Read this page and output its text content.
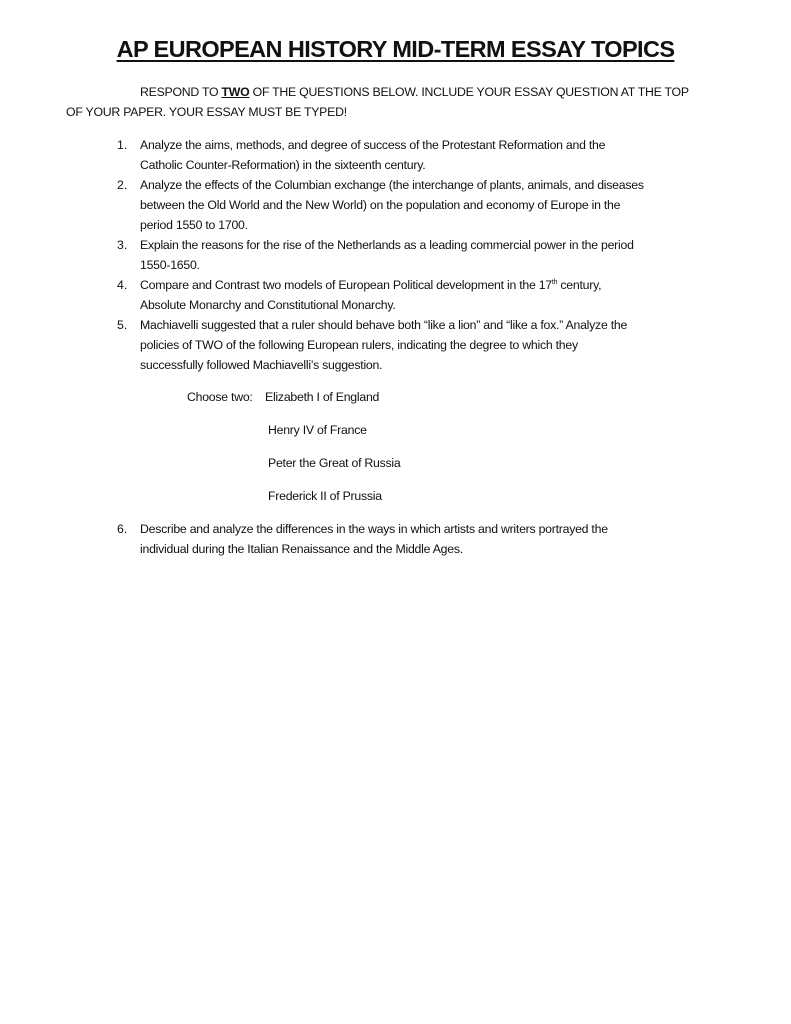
AP EUROPEAN HISTORY MID-TERM ESSAY TOPICS
RESPOND TO TWO OF THE QUESTIONS BELOW. INCLUDE YOUR ESSAY QUESTION AT THE TOP
OF YOUR PAPER. YOUR ESSAY MUST BE TYPED!
1. Analyze the aims, methods, and degree of success of the Protestant Reformation and the
Catholic Counter-Reformation) in the sixteenth century.
2. Analyze the effects of the Columbian exchange (the interchange of plants, animals, and diseases
between the Old World and the New World) on the population and economy of Europe in the
period 1550 to 1700.
3. Explain the reasons for the rise of the Netherlands as a leading commercial power in the period
1550-1650.
4. Compare and Contrast two models of European Political development in the 17th century,
Absolute Monarchy and Constitutional Monarchy.
5. Machiavelli suggested that a ruler should behave both “like a lion” and “like a fox.” Analyze the
policies of TWO of the following European rulers, indicating the degree to which they
successfully followed Machiavelli’s suggestion.
Choose two: Elizabeth I of England
Henry IV of France
Peter the Great of Russia
Frederick II of Prussia
6. Describe and analyze the differences in the ways in which artists and writers portrayed the
individual during the Italian Renaissance and the Middle Ages.
